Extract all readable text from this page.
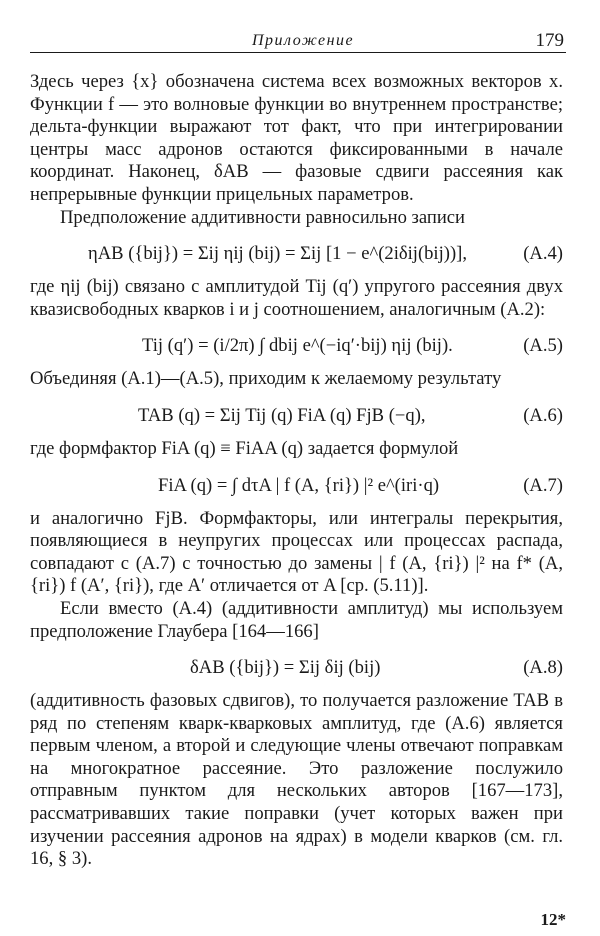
Приложение	179

Здесь через {x} обозначена система всех возможных векторов x. Функции f — это волновые функции во внутреннем пространстве; дельта-функции выражают тот факт, что при интегрировании центры масс адронов остаются фиксированными в начале координат. Наконец, δAB — фазовые сдвиги рассеяния как непрерывные функции прицельных параметров.

Предположение аддитивности равносильно записи

ηAB ({bij}) = Σij ηij (bij) = Σij [1 − e^(2iδij(bij))],	(А.4)

где ηij (bij) связано с амплитудой Tij (q′) упругого рассеяния двух квазисвободных кварков i и j соотношением, аналогичным (А.2):

Tij (q′) = (i/2π) ∫ dbij e^(−iq′·bij) ηij (bij).	(А.5)

Объединяя (А.1)—(А.5), приходим к желаемому результату

TAB (q) = Σij Tij (q) FiA (q) FjB (−q),	(А.6)

где формфактор FiA (q) ≡ FiAA (q) задается формулой

FiA (q) = ∫ dτA | f (A, {ri}) |² e^(iri·q)	(А.7)

и аналогично FjB. Формфакторы, или интегралы перекрытия, появляющиеся в неупругих процессах или процессах распада, совпадают с (А.7) с точностью до замены | f (A, {ri}) |² на f* (A, {ri}) f (A′, {ri}), где A′ отличается от A [ср. (5.11)].

Если вместо (А.4) (аддитивности амплитуд) мы используем предположение Глаубера [164—166]

δAB ({bij}) = Σij δij (bij)	(А.8)

(аддитивность фазовых сдвигов), то получается разложение TAB в ряд по степеням кварк-кварковых амплитуд, где (А.6) является первым членом, а второй и следующие члены отвечают поправкам на многократное рассеяние. Это разложение послужило отправным пунктом для нескольких авторов [167—173], рассматривавших такие поправки (учет которых важен при изучении рассеяния адронов на ядрах) в модели кварков (см. гл. 16, § 3).

12*
